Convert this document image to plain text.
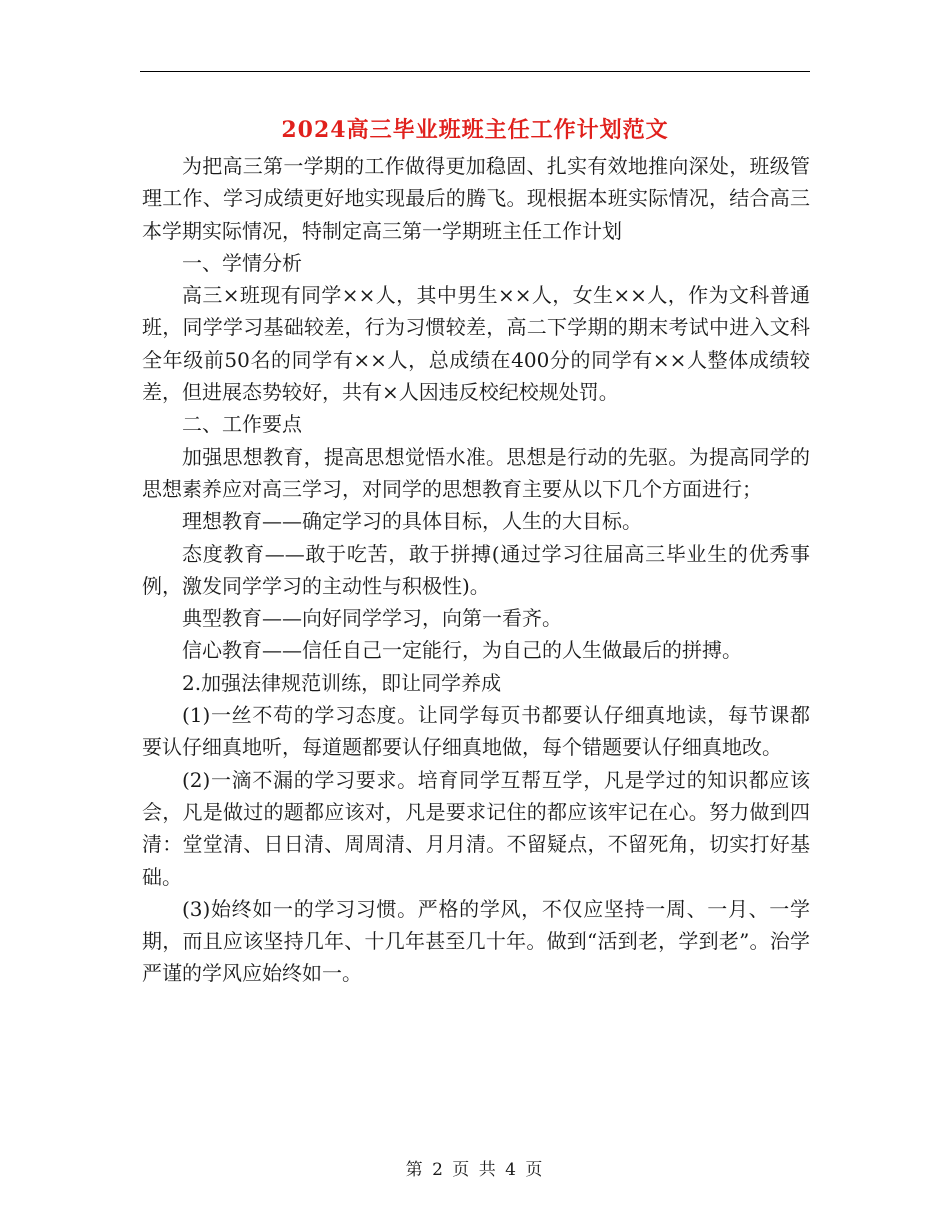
2024高三毕业班班主任工作计划范文

为把高三第一学期的工作做得更加稳固、扎实有效地推向深处，班级管理工作、学习成绩更好地实现最后的腾飞。现根据本班实际情况，结合高三本学期实际情况，特制定高三第一学期班主任工作计划

一、学情分析

高三×班现有同学××人，其中男生××人，女生××人，作为文科普通班，同学学习基础较差，行为习惯较差，高二下学期的期末考试中进入文科全年级前50名的同学有××人，总成绩在400分的同学有××人整体成绩较差，但进展态势较好，共有×人因违反校纪校规处罚。

二、工作要点

加强思想教育，提高思想觉悟水准。思想是行动的先驱。为提高同学的思想素养应对高三学习，对同学的思想教育主要从以下几个方面进行；

理想教育——确定学习的具体目标，人生的大目标。

态度教育——敢于吃苦，敢于拼搏(通过学习往届高三毕业生的优秀事例，激发同学学习的主动性与积极性)。

典型教育——向好同学学习，向第一看齐。

信心教育——信任自己一定能行，为自己的人生做最后的拼搏。

2.加强法律规范训练，即让同学养成

(1)一丝不苟的学习态度。让同学每页书都要认仔细真地读，每节课都要认仔细真地听，每道题都要认仔细真地做，每个错题要认仔细真地改。

(2)一滴不漏的学习要求。培育同学互帮互学，凡是学过的知识都应该会，凡是做过的题都应该对，凡是要求记住的都应该牢记在心。努力做到四清：堂堂清、日日清、周周清、月月清。不留疑点，不留死角，切实打好基础。

(3)始终如一的学习习惯。严格的学风，不仅应坚持一周、一月、一学期，而且应该坚持几年、十几年甚至几十年。做到“活到老，学到老”。治学严谨的学风应始终如一。

第 2 页 共 4 页
